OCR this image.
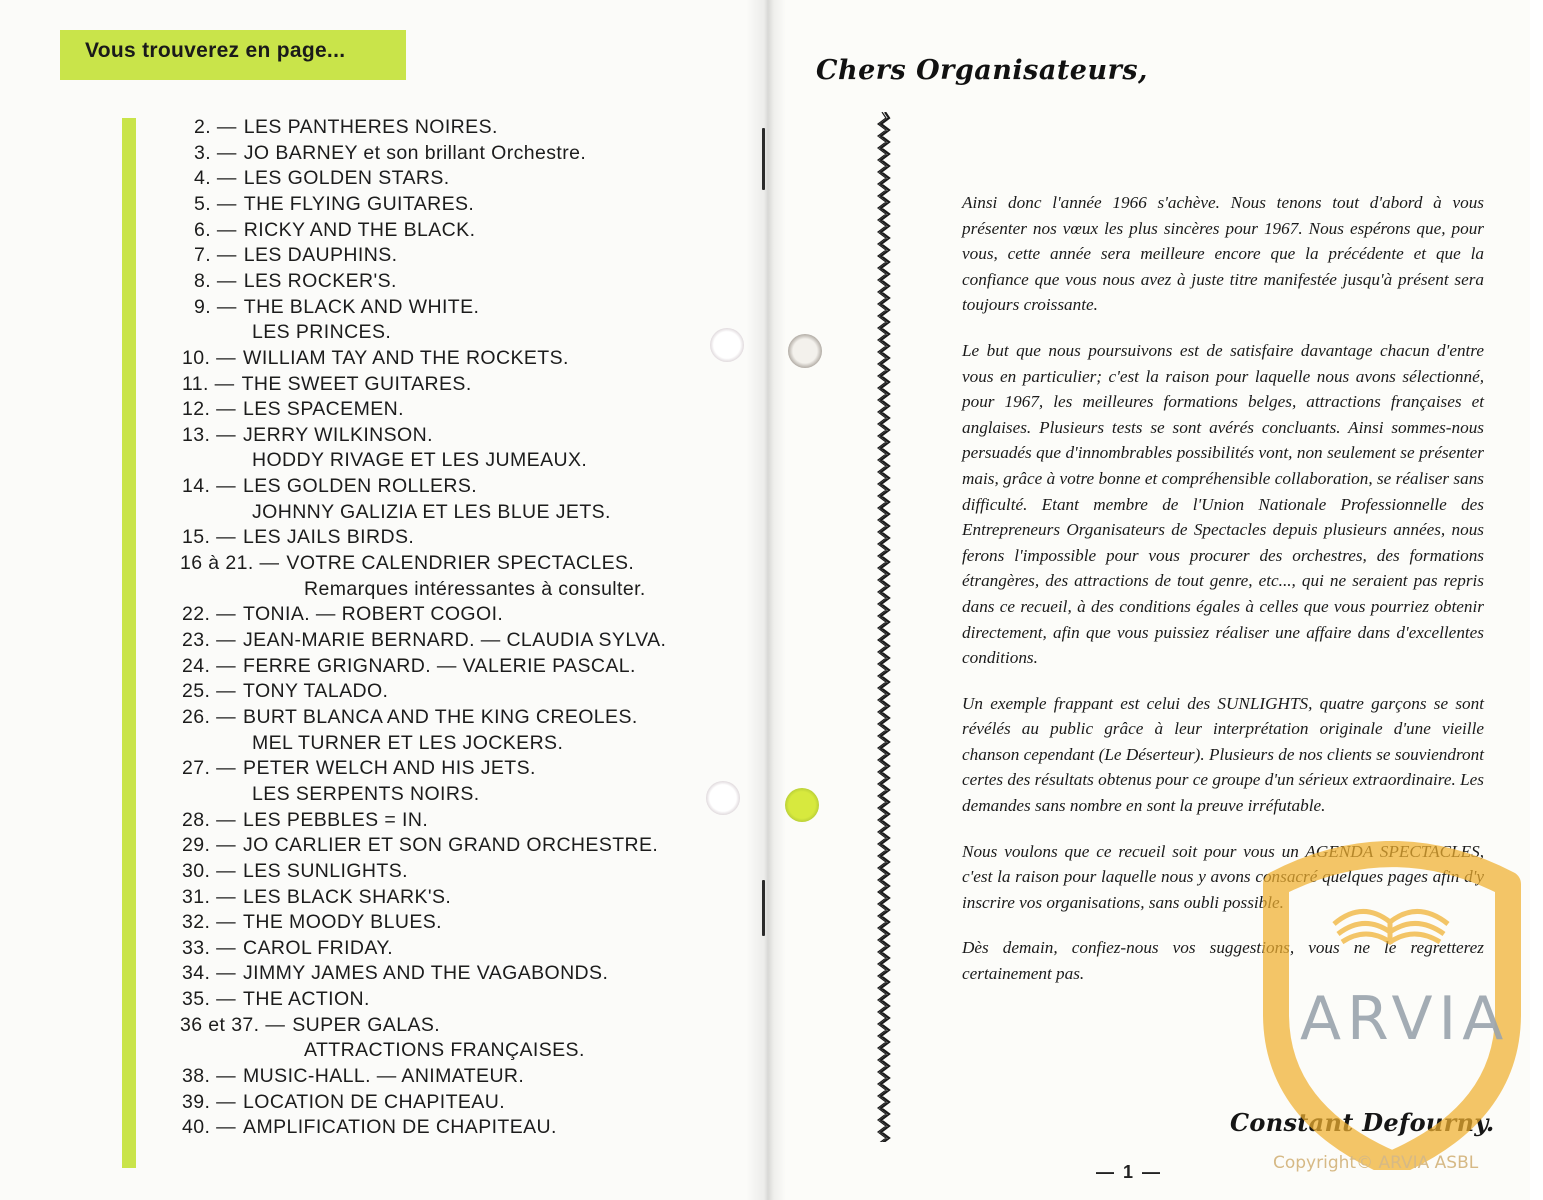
Vous trouverez en page...
2. — LES PANTHERES NOIRES.
3. — JO BARNEY et son brillant Orchestre.
4. — LES GOLDEN STARS.
5. — THE FLYING GUITARES.
6. — RICKY AND THE BLACK.
7. — LES DAUPHINS.
8. — LES ROCKER'S.
9. — THE BLACK AND WHITE.
LES PRINCES.
10. — WILLIAM TAY AND THE ROCKETS.
11. — THE SWEET GUITARES.
12. — LES SPACEMEN.
13. — JERRY WILKINSON.
HODDY RIVAGE ET LES JUMEAUX.
14. — LES GOLDEN ROLLERS.
JOHNNY GALIZIA ET LES BLUE JETS.
15. — LES JAILS BIRDS.
16 à 21. — VOTRE CALENDRIER SPECTACLES.
Remarques intéressantes à consulter.
22. — TONIA. — ROBERT COGOI.
23. — JEAN-MARIE BERNARD. — CLAUDIA SYLVA.
24. — FERRE GRIGNARD. — VALERIE PASCAL.
25. — TONY TALADO.
26. — BURT BLANCA AND THE KING CREOLES.
MEL TURNER ET LES JOCKERS.
27. — PETER WELCH AND HIS JETS.
LES SERPENTS NOIRS.
28. — LES PEBBLES = IN.
29. — JO CARLIER ET SON GRAND ORCHESTRE.
30. — LES SUNLIGHTS.
31. — LES BLACK SHARK'S.
32. — THE MOODY BLUES.
33. — CAROL FRIDAY.
34. — JIMMY JAMES AND THE VAGABONDS.
35. — THE ACTION.
36 et 37. — SUPER GALAS.
ATTRACTIONS FRANÇAISES.
38. — MUSIC-HALL. — ANIMATEUR.
39. — LOCATION DE CHAPITEAU.
40. — AMPLIFICATION DE CHAPITEAU.
Chers Organisateurs,

Ainsi donc l'année 1966 s'achève. Nous tenons tout d'abord à vous présenter nos vœux les plus sincères pour 1967. Nous espérons que, pour vous, cette année sera meilleure encore que la précédente et que la confiance que vous nous avez à juste titre manifestée jusqu'à présent sera toujours croissante.

Le but que nous poursuivons est de satisfaire davantage chacun d'entre vous en particulier; c'est la raison pour laquelle nous avons sélectionné, pour 1967, les meilleures formations belges, attractions françaises et anglaises. Plusieurs tests se sont avérés concluants. Ainsi sommes-nous persuadés que d'innombrables possibilités vont, non seulement se présenter mais, grâce à votre bonne et compréhensible collaboration, se réaliser sans difficulté. Etant membre de l'Union Nationale Professionnelle des Entrepreneurs Organisateurs de Spectacles depuis plusieurs années, nous ferons l'impossible pour vous procurer des orchestres, des formations étrangères, des attractions de tout genre, etc..., qui ne seraient pas repris dans ce recueil, à des conditions égales à celles que vous pourriez obtenir directement, afin que vous puissiez réaliser une affaire dans d'excellentes conditions.

Un exemple frappant est celui des SUNLIGHTS, quatre garçons se sont révélés au public grâce à leur interprétation originale d'une vieille chanson cependant (Le Déserteur). Plusieurs de nos clients se souviendront certes des résultats obtenus pour ce groupe d'un sérieux extraordinaire. Les demandes sans nombre en sont la preuve irréfutable.

Nous voulons que ce recueil soit pour vous un AGENDA SPECTACLES, c'est la raison pour laquelle nous y avons consacré quelques pages afin d'y inscrire vos organisations, sans oubli possible.

Dès demain, confiez-nous vos suggestions, vous ne le regretterez certainement pas.

Constant Defourny.
— 1 —
ARVIA
Copyright© ARVIA ASBL
